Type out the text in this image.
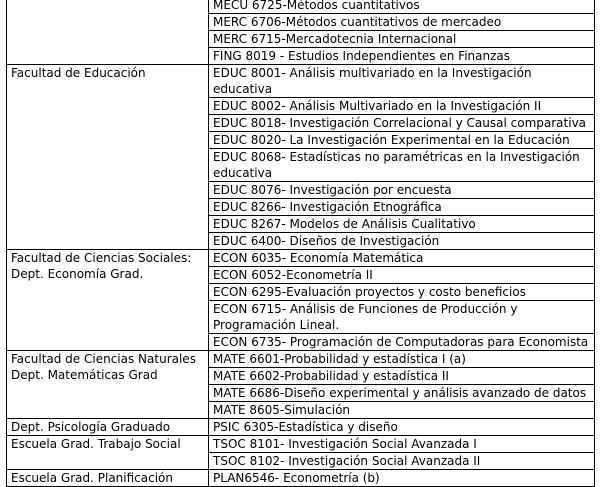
	MECU 6725-Métodos cuantitativos

	MERC 6706-Métodos cuantitativos de mercadeo

	MERC 6715-Mercadotecnia Internacional

	FING 8019 - Estudios Independientes en Finanzas

Facultad de Educación	EDUC 8001- Análisis multivariado en la Investigación educativa

	EDUC 8002- Análisis Multivariado en la Investigación II

	EDUC 8018- Investigación Correlacional y Causal comparativa

	EDUC 8020- La Investigación Experimental en la Educación

	EDUC 8068- Estadísticas no paramétricas en la Investigación educativa

	EDUC 8076- Investigación por encuesta

	EDUC 8266- Investigación Etnográfica

	EDUC 8267- Modelos de Análisis Cualitativo

	EDUC 6400- Diseños de Investigación

Facultad de Ciencias Sociales:
Dept. Economía Grad.	ECON 6035- Economía Matemática

	ECON 6052-Econometría II

	ECON 6295-Evaluación proyectos y costo beneficios

	ECON 6715- Análisis de Funciones de Producción y Programación Lineal.

	ECON 6735- Programación de Computadoras para Economista

Facultad de Ciencias Naturales
Dept. Matemáticas Grad	MATE 6601-Probabilidad y estadística I (a)

	MATE 6602-Probabilidad y estadística II

	MATE 6686-Diseño experimental y análisis avanzado de datos

	MATE 8605-Simulación

Dept. Psicología Graduado	PSIC 6305-Estadística y diseño

Escuela Grad. Trabajo Social	TSOC 8101- Investigación Social Avanzada I

	TSOC 8102- Investigación Social Avanzada II

Escuela Grad. Planificación	PLAN6546- Econometría (b)
